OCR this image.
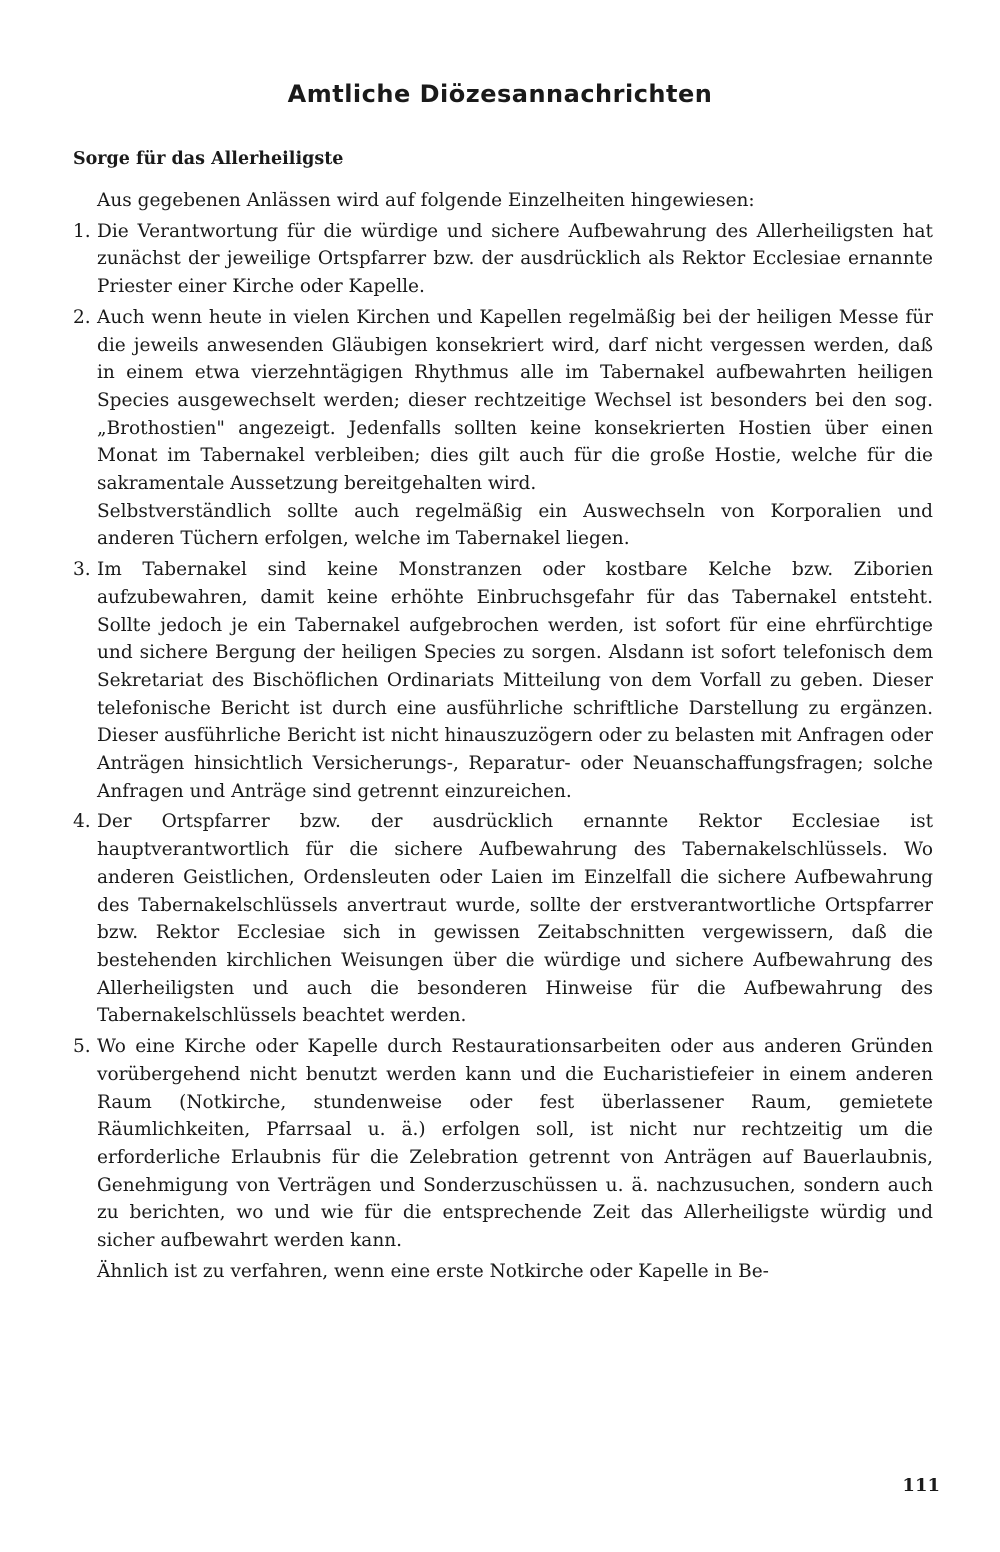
Amtliche Diözesannachrichten
Sorge für das Allerheiligste

Aus gegebenen Anlässen wird auf folgende Einzelheiten hingewiesen:

1. Die Verantwortung für die würdige und sichere Aufbewahrung des Allerheiligsten hat zunächst der jeweilige Ortspfarrer bzw. der ausdrücklich als Rektor Ecclesiae ernannte Priester einer Kirche oder Kapelle.
2. Auch wenn heute in vielen Kirchen und Kapellen regelmäßig bei der heiligen Messe für die jeweils anwesenden Gläubigen konsekriert wird, darf nicht vergessen werden, daß in einem etwa vierzehntägigen Rhythmus alle im Tabernakel aufbewahrten heiligen Species ausgewechselt werden; dieser rechtzeitige Wechsel ist besonders bei den sog. „Brothostien" angezeigt. Jedenfalls sollten keine konsekrierten Hostien über einen Monat im Tabernakel verbleiben; dies gilt auch für die große Hostie, welche für die sakramentale Aussetzung bereitgehalten wird.
Selbstverständlich sollte auch regelmäßig ein Auswechseln von Korporalien und anderen Tüchern erfolgen, welche im Tabernakel liegen.
3. Im Tabernakel sind keine Monstranzen oder kostbare Kelche bzw. Ziborien aufzubewahren, damit keine erhöhte Einbruchsgefahr für das Tabernakel entsteht. Sollte jedoch je ein Tabernakel aufgebrochen werden, ist sofort für eine ehrfürchtige und sichere Bergung der heiligen Species zu sorgen. Alsdann ist sofort telefonisch dem Sekretariat des Bischöflichen Ordinariats Mitteilung von dem Vorfall zu geben. Dieser telefonische Bericht ist durch eine ausführliche schriftliche Darstellung zu ergänzen. Dieser ausführliche Bericht ist nicht hinauszuzögern oder zu belasten mit Anfragen oder Anträgen hinsichtlich Versicherungs-, Reparatur- oder Neuanschaffungsfragen; solche Anfragen und Anträge sind getrennt einzureichen.
4. Der Ortspfarrer bzw. der ausdrücklich ernannte Rektor Ecclesiae ist hauptverantwortlich für die sichere Aufbewahrung des Tabernakelschlüssels. Wo anderen Geistlichen, Ordensleuten oder Laien im Einzelfall die sichere Aufbewahrung des Tabernakelschlüssels anvertraut wurde, sollte der erstverantwortliche Ortspfarrer bzw. Rektor Ecclesiae sich in gewissen Zeitabschnitten vergewissern, daß die bestehenden kirchlichen Weisungen über die würdige und sichere Aufbewahrung des Allerheiligsten und auch die besonderen Hinweise für die Aufbewahrung des Tabernakelschlüssels beachtet werden.
5. Wo eine Kirche oder Kapelle durch Restaurationsarbeiten oder aus anderen Gründen vorübergehend nicht benutzt werden kann und die Eucharistiefeier in einem anderen Raum (Notkirche, stundenweise oder fest überlassener Raum, gemietete Räumlichkeiten, Pfarrsaal u. ä.) erfolgen soll, ist nicht nur rechtzeitig um die erforderliche Erlaubnis für die Zelebration getrennt von Anträgen auf Bauerlaubnis, Genehmigung von Verträgen und Sonderzuschüssen u. ä. nachzusuchen, sondern auch zu berichten, wo und wie für die entsprechende Zeit das Allerheiligste würdig und sicher aufbewahrt werden kann.

Ähnlich ist zu verfahren, wenn eine erste Notkirche oder Kapelle in Be-

111
